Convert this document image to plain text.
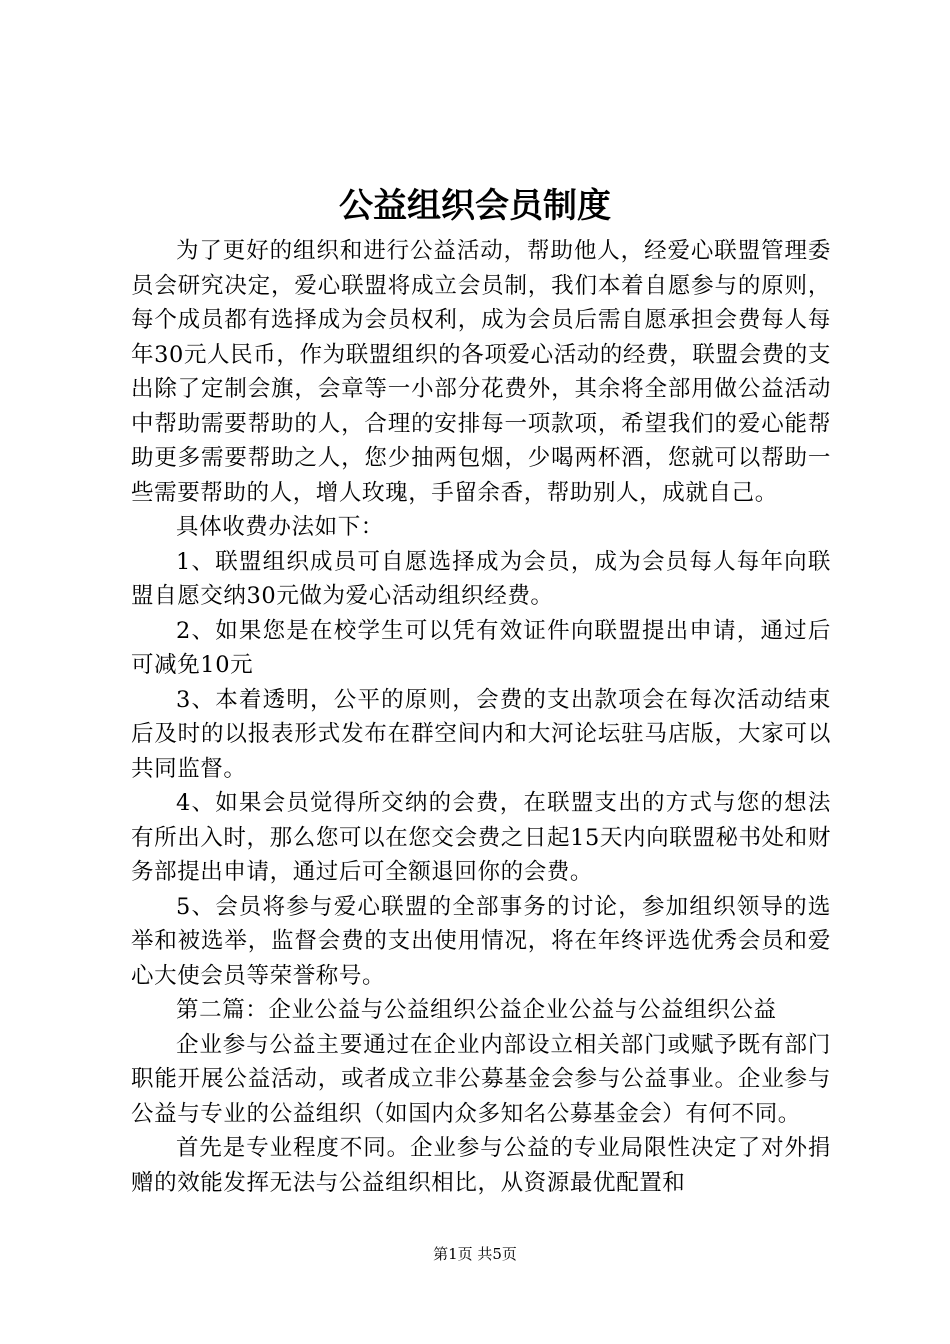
公益组织会员制度

为了更好的组织和进行公益活动，帮助他人，经爱心联盟管理委员会研究决定，爱心联盟将成立会员制，我们本着自愿参与的原则，每个成员都有选择成为会员权利，成为会员后需自愿承担会费每人每年30元人民币，作为联盟组织的各项爱心活动的经费，联盟会费的支出除了定制会旗，会章等一小部分花费外，其余将全部用做公益活动中帮助需要帮助的人，合理的安排每一项款项，希望我们的爱心能帮助更多需要帮助之人，您少抽两包烟，少喝两杯酒，您就可以帮助一些需要帮助的人，增人玫瑰，手留余香，帮助别人，成就自己。

具体收费办法如下：

1、联盟组织成员可自愿选择成为会员，成为会员每人每年向联盟自愿交纳30元做为爱心活动组织经费。

2、如果您是在校学生可以凭有效证件向联盟提出申请，通过后可减免10元

3、本着透明，公平的原则，会费的支出款项会在每次活动结束后及时的以报表形式发布在群空间内和大河论坛驻马店版，大家可以共同监督。

4、如果会员觉得所交纳的会费，在联盟支出的方式与您的想法有所出入时，那么您可以在您交会费之日起15天内向联盟秘书处和财务部提出申请，通过后可全额退回你的会费。

5、会员将参与爱心联盟的全部事务的讨论，参加组织领导的选举和被选举，监督会费的支出使用情况，将在年终评选优秀会员和爱心大使会员等荣誉称号。

第二篇：企业公益与公益组织公益企业公益与公益组织公益

企业参与公益主要通过在企业内部设立相关部门或赋予既有部门职能开展公益活动，或者成立非公募基金会参与公益事业。企业参与公益与专业的公益组织（如国内众多知名公募基金会）有何不同。

首先是专业程度不同。企业参与公益的专业局限性决定了对外捐赠的效能发挥无法与公益组织相比，从资源最优配置和

第1页 共5页
